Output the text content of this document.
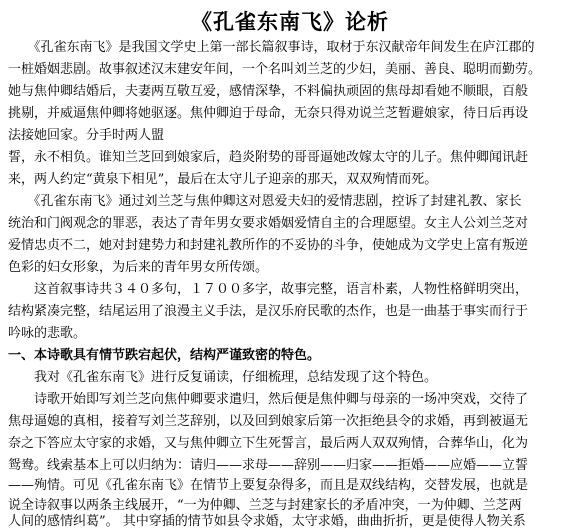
《孔雀东南飞》论析
　　《孔雀东南飞》是我国文学史上第一部长篇叙事诗，取材于东汉献帝年间发生在庐江郡的
一桩婚姻悲剧。故事叙述汉末建安年间，一个名叫刘兰芝的少妇，美丽、善良、聪明而勤劳。
她与焦仲卿结婚后，夫妻两互敬互爱，感情深挚，不料偏执顽固的焦母却看她不顺眼，百般
挑剔，并威逼焦仲卿将她驱逐。焦仲卿迫于母命，无奈只得劝说兰芝暂避娘家，待日后再设
法接她回家。分手时两人盟
誓，永不相负。谁知兰芝回到娘家后，趋炎附势的哥哥逼她改嫁太守的儿子。焦仲卿闻讯赶
来，两人约定“黄泉下相见”，最后在太守儿子迎亲的那天，双双殉情而死。
　　《孔雀东南飞》通过刘兰芝与焦仲卿这对恩爱夫妇的爱情悲剧，控诉了封建礼教、家长
统治和门阀观念的罪恶，表达了青年男女要求婚姻爱情自主的合理愿望。女主人公刘兰芝对
爱情忠贞不二，她对封建势力和封建礼教所作的不妥协的斗争，使她成为文学史上富有叛逆
色彩的妇女形象，为后来的青年男女所传颂。
　　这首叙事诗共３４０多句，１７００多字，故事完整，语言朴素，人物性格鲜明突出，
结构紧凑完整，结尾运用了浪漫主义手法，是汉乐府民歌的杰作，也是一曲基于事实而行于
吟咏的悲歌。
一、本诗歌具有情节跌宕起伏，结构严谨致密的特色。
　　我对《孔雀东南飞》进行反复诵读，仔细梳理，总结发现了这个特色。
　　诗歌开始即写刘兰芝向焦仲卿要求遣归，然后便是焦仲卿与母亲的一场冲突戏，交待了
焦母逼媳的真相，接着写刘兰芝辞别，以及回到娘家后第一次拒绝县令的求婚，再到被逼无
奈之下答应太守家的求婚，又与焦仲卿立下生死誓言，最后两人双双殉情，合葬华山，化为
鸳鸯。线索基本上可以归纳为：请归——求母——辞别——归家——拒婚——应婚——立誓
——殉情。可见《孔雀东南飞》在情节上要复杂得多，而且是双线结构，交替发展，也就是
说全诗叙事以两条主线展开，“一为仲卿、兰芝与封建家长的矛盾冲突，一为仲卿、兰芝两
人间的感情纠葛”。 其中穿插的情节如县令求婚，太守求婚，曲曲折折，更是使得人物关系
